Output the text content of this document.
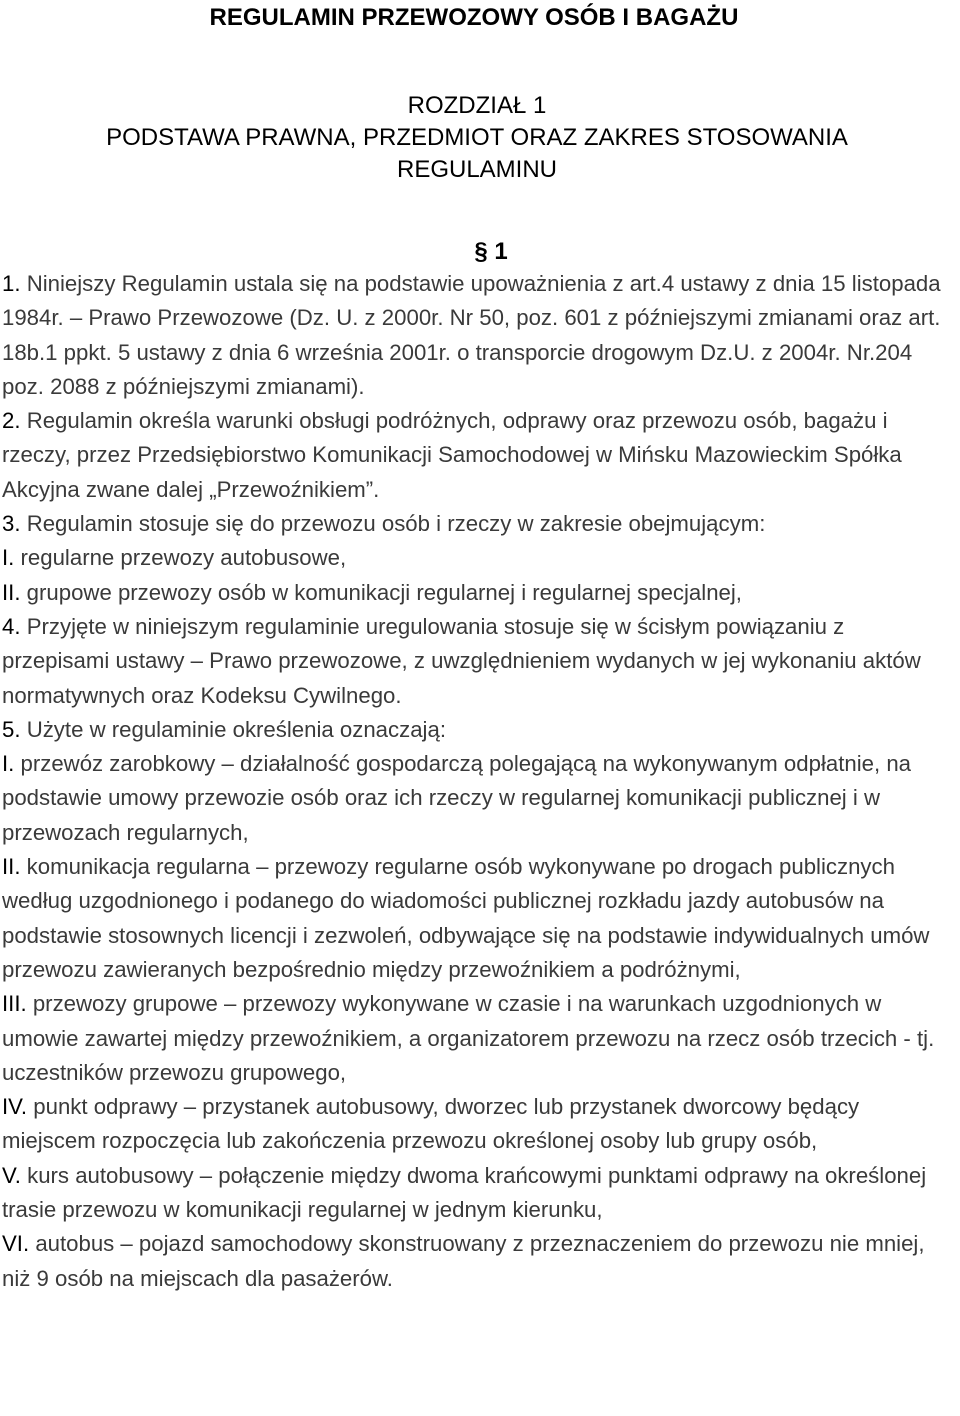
REGULAMIN PRZEWOZOWY OSÓB I BAGAŻU
ROZDZIAŁ 1
PODSTAWA PRAWNA, PRZEDMIOT ORAZ ZAKRES STOSOWANIA
REGULAMINU
§ 1

1. Niniejszy Regulamin ustala się na podstawie upoważnienia z art.4 ustawy z dnia 15 listopada 1984r. – Prawo Przewozowe (Dz. U. z 2000r. Nr 50, poz. 601 z późniejszymi zmianami oraz art. 18b.1 ppkt. 5 ustawy z dnia 6 września 2001r. o transporcie drogowym Dz.U. z 2004r. Nr.204 poz. 2088 z późniejszymi zmianami).

2. Regulamin określa warunki obsługi podróżnych, odprawy oraz przewozu osób, bagażu i rzeczy, przez Przedsiębiorstwo Komunikacji Samochodowej w Mińsku Mazowieckim Spółka Akcyjna zwane dalej „Przewoźnikiem”.

3. Regulamin stosuje się do przewozu osób i rzeczy w zakresie obejmującym:

I. regularne przewozy autobusowe,

II. grupowe przewozy osób w komunikacji regularnej i regularnej specjalnej,

4. Przyjęte w niniejszym regulaminie uregulowania stosuje się w ścisłym powiązaniu z przepisami ustawy – Prawo przewozowe, z uwzględnieniem wydanych w jej wykonaniu aktów normatywnych oraz Kodeksu Cywilnego.

5. Użyte w regulaminie określenia oznaczają:

I. przewóz zarobkowy – działalność gospodarczą polegającą na wykonywanym odpłatnie, na podstawie umowy przewozie osób oraz ich rzeczy w regularnej komunikacji publicznej i w przewozach regularnych,

II. komunikacja regularna – przewozy regularne osób wykonywane po drogach publicznych według uzgodnionego i podanego do wiadomości publicznej rozkładu jazdy autobusów na podstawie stosownych licencji i zezwoleń, odbywające się na podstawie indywidualnych umów przewozu zawieranych bezpośrednio między przewoźnikiem a podróżnymi,

III. przewozy grupowe – przewozy wykonywane w czasie i na warunkach uzgodnionych w umowie zawartej między przewoźnikiem, a organizatorem przewozu na rzecz osób trzecich - tj. uczestników przewozu grupowego,

IV. punkt odprawy – przystanek autobusowy, dworzec lub przystanek dworcowy będący miejscem rozpoczęcia lub zakończenia przewozu określonej osoby lub grupy osób,

V. kurs autobusowy – połączenie między dwoma krańcowymi punktami odprawy na określonej trasie przewozu w komunikacji regularnej w jednym kierunku,

VI. autobus – pojazd samochodowy skonstruowany z przeznaczeniem do przewozu nie mniej, niż 9 osób na miejscach dla pasażerów.
